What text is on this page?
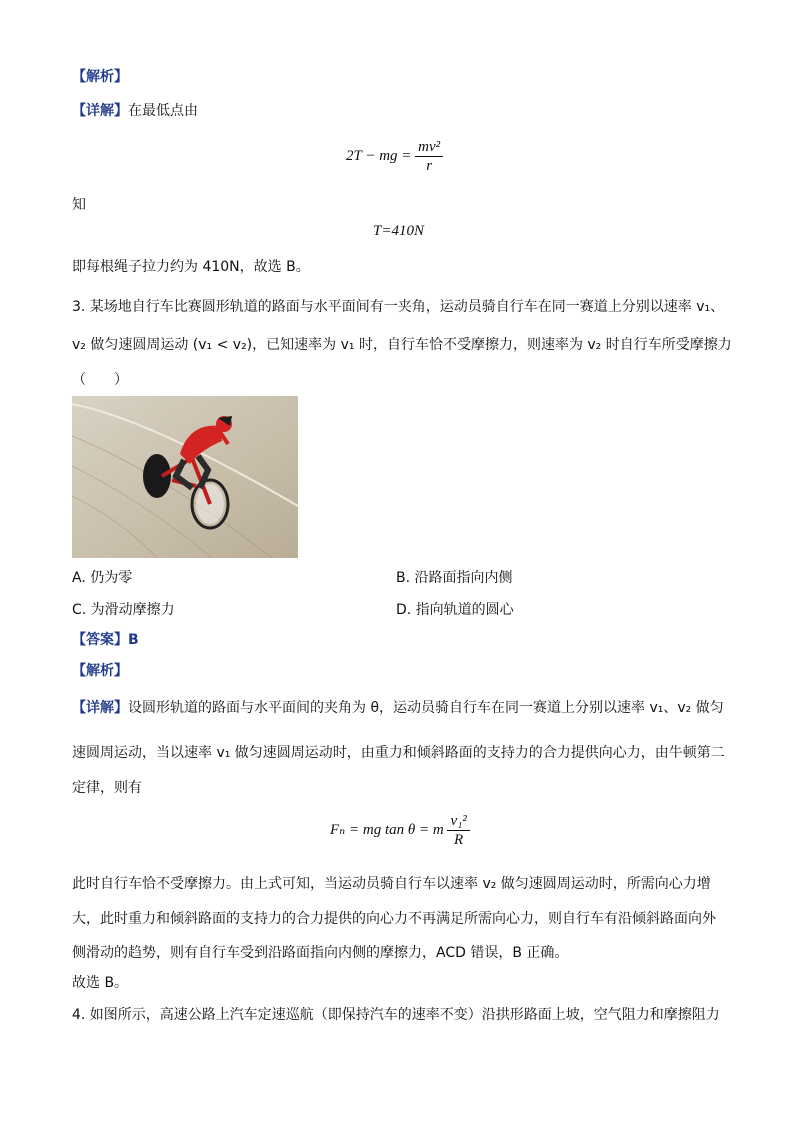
【解析】
【详解】在最低点由
2T − mg = $\frac{\text{mv²}}{r}$
知
T=410N
即每根绳子拉力约为 410N，故选 B。
3. 某场地自行车比赛圆形轨道的路面与水平面间有一夹角，运动员骑自行车在同一赛道上分别以速率 v₁、
v₂ 做匀速圆周运动 (v₁ < v₂)，已知速率为 v₁ 时，自行车恰不受摩擦力，则速率为 v₂ 时自行车所受摩擦力
（　　）
A. 仍为零	B. 沿路面指向内侧
C. 为滑动摩擦力	D. 指向轨道的圆心
【答案】B
【解析】
【详解】设圆形轨道的路面与水平面间的夹角为 θ，运动员骑自行车在同一赛道上分别以速率 v₁、v₂ 做匀
速圆周运动，当以速率 v₁ 做匀速圆周运动时，由重力和倾斜路面的支持力的合力提供向心力，由牛顿第二
定律，则有
Fₙ = mg tan θ = m $\frac{\text{v₁²}}{R}$
此时自行车恰不受摩擦力。由上式可知，当运动员骑自行车以速率 v₂ 做匀速圆周运动时，所需向心力增
大，此时重力和倾斜路面的支持力的合力提供的向心力不再满足所需向心力，则自行车有沿倾斜路面向外
侧滑动的趋势，则有自行车受到沿路面指向内侧的摩擦力，ACD 错误，B 正确。
故选 B。
4. 如图所示，高速公路上汽车定速巡航（即保持汽车的速率不变）沿拱形路面上坡，空气阻力和摩擦阻力
